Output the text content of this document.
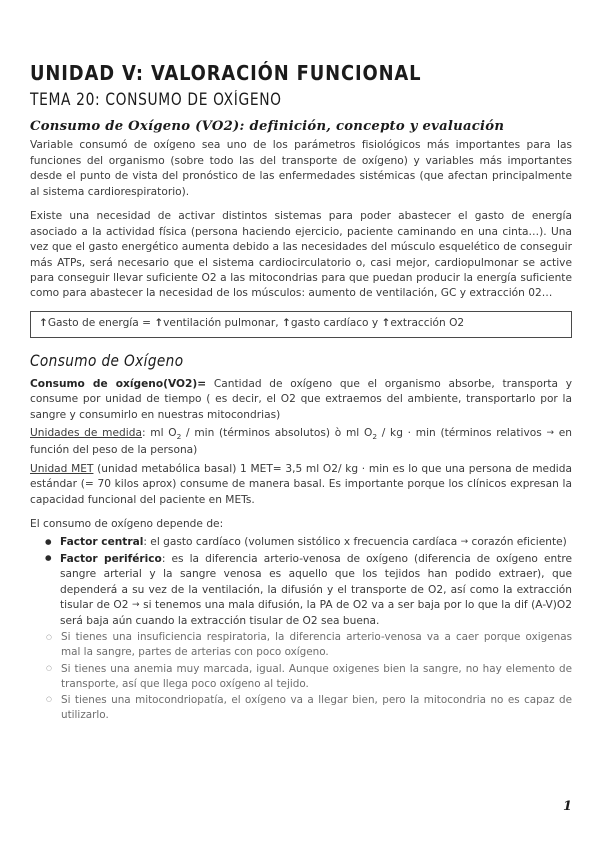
UNIDAD V: VALORACIÓN FUNCIONAL
TEMA 20: CONSUMO DE OXÍGENO
Consumo de Oxígeno (VO2): definición, concepto y evaluación

Variable consumó de oxígeno sea uno de los parámetros fisiológicos más importantes para las funciones del organismo (sobre todo las del transporte de oxígeno) y variables más importantes desde el punto de vista del pronóstico de las enfermedades sistémicas (que afectan principalmente al sistema cardiorespiratorio).

Existe una necesidad de activar distintos sistemas para poder abastecer el gasto de energía asociado a la actividad física (persona haciendo ejercicio, paciente caminando en una cinta…). Una vez que el gasto energético aumenta debido a las necesidades del músculo esquelético de conseguir más ATPs, será necesario que el sistema cardiocirculatorio o, casi mejor, cardiopulmonar se active para conseguir llevar suficiente O2 a las mitocondrias para que puedan producir la energía suficiente como para abastecer la necesidad de los músculos: aumento de ventilación, GC y extracción 02…

↑Gasto de energía = ↑ventilación pulmonar, ↑gasto cardíaco y ↑extracción O2
Consumo de Oxígeno

Consumo de oxígeno(VO2)= Cantidad de oxígeno que el organismo absorbe, transporta y consume por unidad de tiempo ( es decir, el O2 que extraemos del ambiente, transportarlo por la sangre y consumirlo en nuestras mitocondrias)

Unidades de medida: ml $O_2$ / min (términos absolutos) ò ml $O_2$ / kg · min (términos relativos → en función del peso de la persona)

Unidad MET (unidad metabólica basal) 1 MET= 3,5 ml O2/ kg · min es lo que una persona de medida estándar (= 70 kilos aprox) consume de manera basal. Es importante porque los clínicos expresan la capacidad funcional del paciente en METs.

El consumo de oxígeno depende de:

● Factor central: el gasto cardíaco (volumen sistólico x frecuencia cardíaca → corazón eficiente)
● Factor periférico: es la diferencia arterio-venosa de oxígeno (diferencia de oxígeno entre sangre arterial y la sangre venosa es aquello que los tejidos han podido extraer), que dependerá a su vez de la ventilación, la difusión y el transporte de O2, así como la extracción tisular de O2 → si tenemos una mala difusión, la PA de O2 va a ser baja por lo que la dif (A-V)O2 será baja aún cuando la extracción tisular de O2 sea buena.
○ Si tienes una insuficiencia respiratoria, la diferencia arterio-venosa va a caer porque oxigenas mal la sangre, partes de arterias con poco oxígeno.
○ Si tienes una anemia muy marcada, igual. Aunque oxigenes bien la sangre, no hay elemento de transporte, así que llega poco oxígeno al tejido.
○ Si tienes una mitocondriopatía, el oxígeno va a llegar bien, pero la mitocondria no es capaz de utilizarlo.
1
